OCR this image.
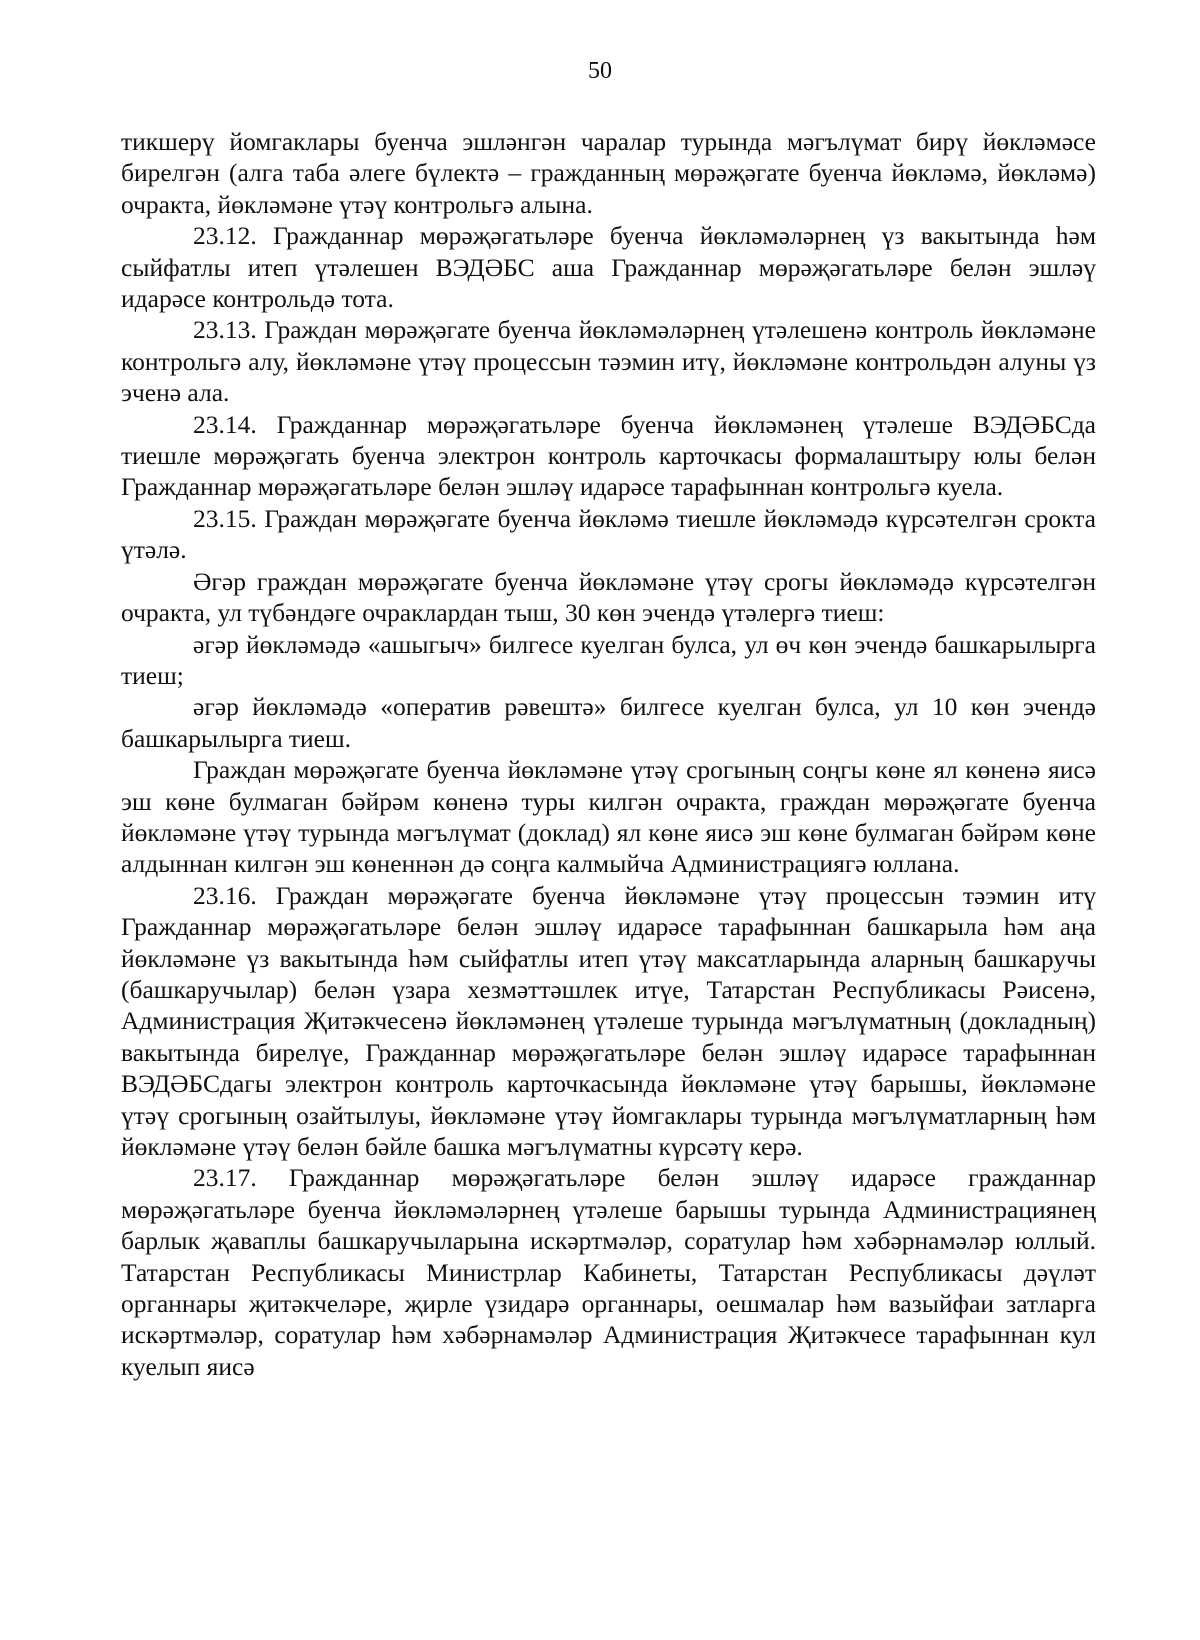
50

тикшерү йомгаклары буенча эшләнгән чаралар турында мәгълүмат бирү йөкләмәсе бирелгән (алга таба әлеге бүлектә – гражданның мөрәҗәгате буенча йөкләмә, йөкләмә) очракта, йөкләмәне үтәү контрольгә алына.

23.12. Гражданнар мөрәҗәгатьләре буенча йөкләмәләрнең үз вакытында һәм сыйфатлы итеп үтәлешен ВЭДӘБС аша Гражданнар мөрәҗәгатьләре белән эшләү идарәсе контрольдә тота.

23.13. Граждан мөрәҗәгате буенча йөкләмәләрнең үтәлешенә контроль йөкләмәне контрольгә алу, йөкләмәне үтәү процессын тәэмин итү, йөкләмәне контрольдән алуны үз эченә ала.

23.14. Гражданнар мөрәҗәгатьләре буенча йөкләмәнең үтәлеше ВЭДӘБСда тиешле мөрәҗәгать буенча электрон контроль карточкасы формалаштыру юлы белән Гражданнар мөрәҗәгатьләре белән эшләү идарәсе тарафыннан контрольгә куела.

23.15. Граждан мөрәҗәгате буенча йөкләмә тиешле йөкләмәдә күрсәтелгән срокта үтәлә.

Әгәр граждан мөрәҗәгате буенча йөкләмәне үтәү срогы йөкләмәдә күрсәтелгән очракта, ул түбәндәге очраклардан тыш, 30 көн эчендә үтәлергә тиеш:

әгәр йөкләмәдә «ашыгыч» билгесе куелган булса, ул өч көн эчендә башкарылырга тиеш;

әгәр йөкләмәдә «оператив рәвештә» билгесе куелган булса, ул 10 көн эчендә башкарылырга тиеш.

Граждан мөрәҗәгате буенча йөкләмәне үтәү срогының соңгы көне ял көненә яисә эш көне булмаган бәйрәм көненә туры килгән очракта, граждан мөрәҗәгате буенча йөкләмәне үтәү турында мәгълүмат (доклад) ял көне яисә эш көне булмаган бәйрәм көне алдыннан килгән эш көненнән дә соңга калмыйча Администрациягә юллана.

23.16. Граждан мөрәҗәгате буенча йөкләмәне үтәү процессын тәэмин итү Гражданнар мөрәҗәгатьләре белән эшләү идарәсе тарафыннан башкарыла һәм аңа йөкләмәне үз вакытында һәм сыйфатлы итеп үтәү максатларында аларның башкаручы (башкаручылар) белән үзара хезмәттәшлек итүе, Татарстан Республикасы Рәисенә, Администрация Җитәкчесенә йөкләмәнең үтәлеше турында мәгълүматның (докладның) вакытында бирелүе, Гражданнар мөрәҗәгатьләре белән эшләү идарәсе тарафыннан ВЭДӘБСдагы электрон контроль карточкасында йөкләмәне үтәү барышы, йөкләмәне үтәү срогының озайтылуы, йөкләмәне үтәү йомгаклары турында мәгълүматларның һәм йөкләмәне үтәү белән бәйле башка мәгълүматны күрсәтү керә.

23.17. Гражданнар мөрәҗәгатьләре белән эшләү идарәсе гражданнар мөрәҗәгатьләре буенча йөкләмәләрнең үтәлеше барышы турында Администрациянең барлык җаваплы башкаручыларына искәртмәләр, соратулар һәм хәбәрнамәләр юллый. Татарстан Республикасы Министрлар Кабинеты, Татарстан Республикасы дәүләт органнары җитәкчеләре, җирле үзидарә органнары, оешмалар һәм вазыйфаи затларга искәртмәләр, соратулар һәм хәбәрнамәләр Администрация Җитәкчесе тарафыннан кул куелып яисә
